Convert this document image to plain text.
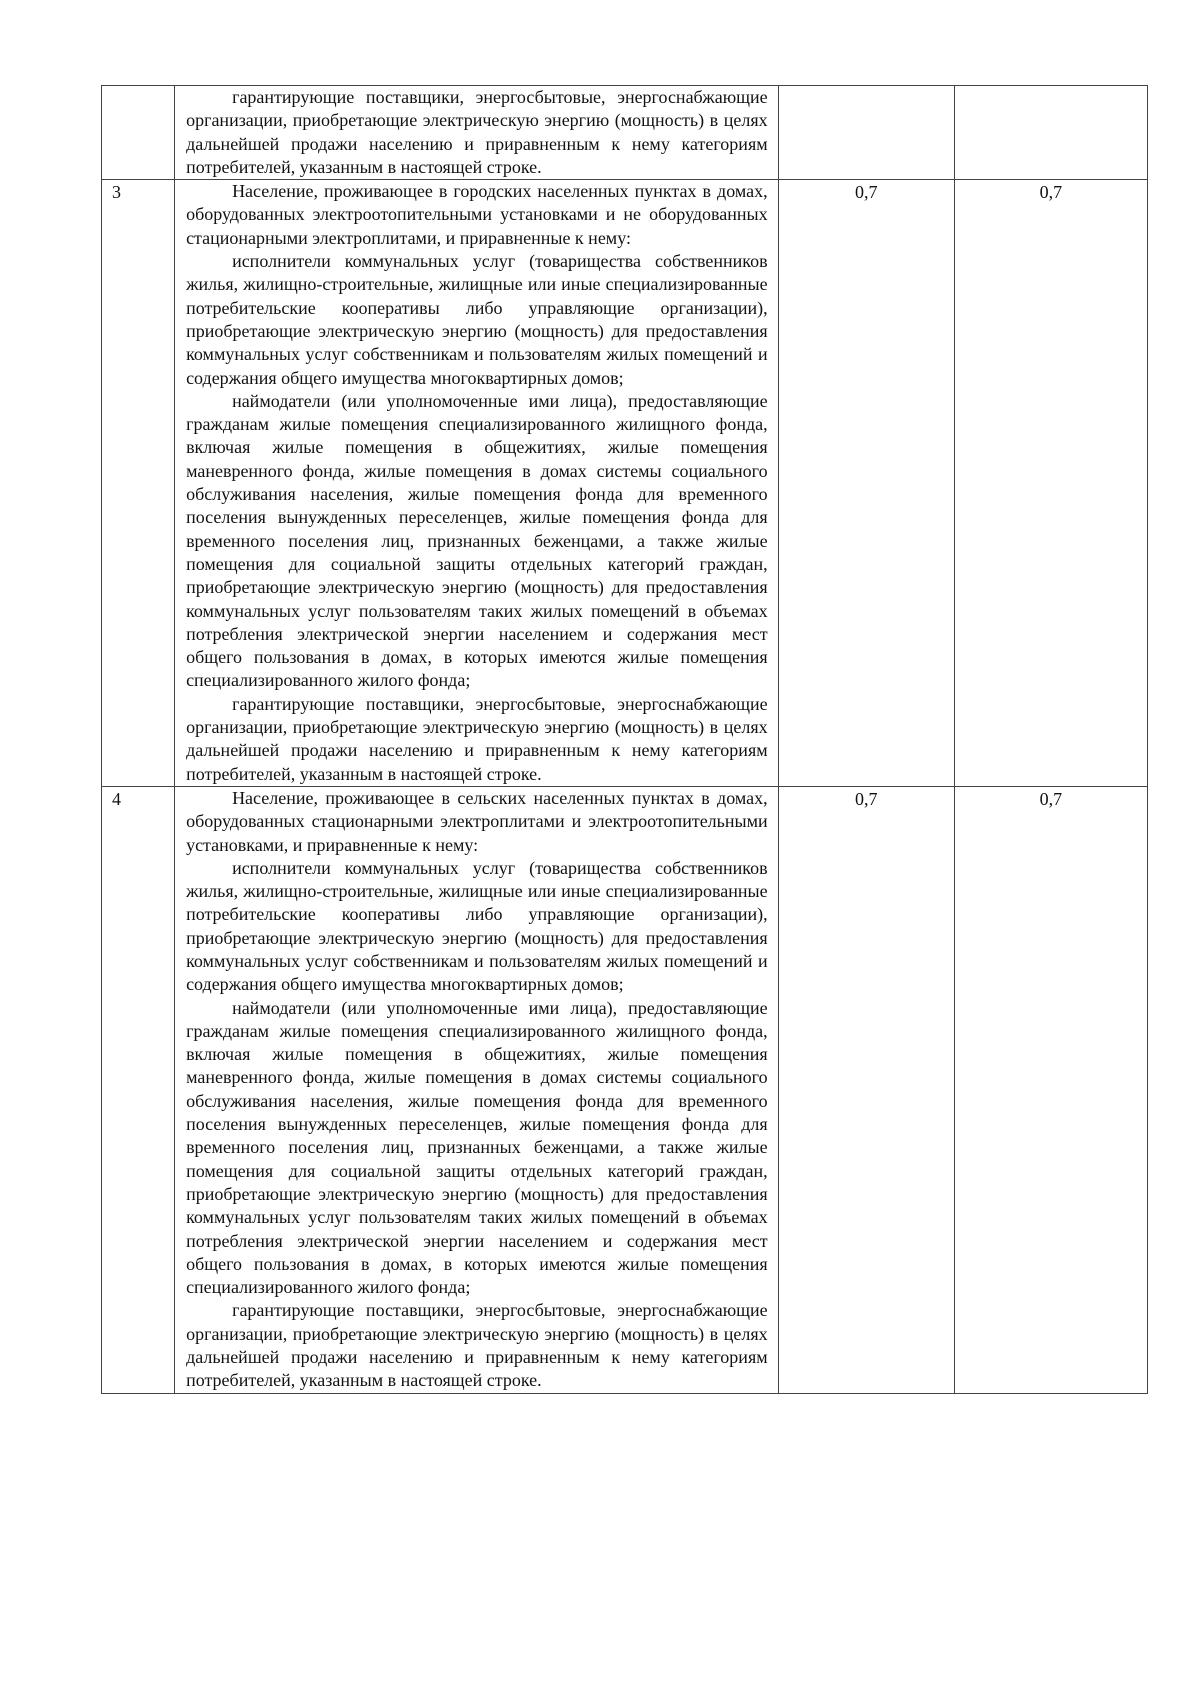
	гарантирующие поставщики, энергосбытовые, энергоснабжающие организации, приобретающие электрическую энергию (мощность) в целях дальнейшей продажи населению и приравненным к нему категориям потребителей, указанным в настоящей строке.		

3	Население, проживающее в городских населенных пунктах в домах, оборудованных электроотопительными установками и не оборудованных стационарными электроплитами, и приравненные к нему:

исполнители коммунальных услуг (товарищества собственников жилья, жилищно-строительные, жилищные или иные специализированные потребительские кооперативы либо управляющие организации), приобретающие электрическую энергию (мощность) для предоставления коммунальных услуг собственникам и пользователям жилых помещений и содержания общего имущества многоквартирных домов;

наймодатели (или уполномоченные ими лица), предоставляющие гражданам жилые помещения специализированного жилищного фонда, включая жилые помещения в общежитиях, жилые помещения маневренного фонда, жилые помещения в домах системы социального обслуживания населения, жилые помещения фонда для временного поселения вынужденных переселенцев, жилые помещения фонда для временного поселения лиц, признанных беженцами, а также жилые помещения для социальной защиты отдельных категорий граждан, приобретающие электрическую энергию (мощность) для предоставления коммунальных услуг пользователям таких жилых помещений в объемах потребления электрической энергии населением и содержания мест общего пользования в домах, в которых имеются жилые помещения специализированного жилого фонда;

гарантирующие поставщики, энергосбытовые, энергоснабжающие организации, приобретающие электрическую энергию (мощность) в целях дальнейшей продажи населению и приравненным к нему категориям потребителей, указанным в настоящей строке.	0,7	0,7

4	Население, проживающее в сельских населенных пунктах в домах, оборудованных стационарными электроплитами и электроотопительными установками, и приравненные к нему:

исполнители коммунальных услуг (товарищества собственников жилья, жилищно-строительные, жилищные или иные специализированные потребительские кооперативы либо управляющие организации), приобретающие электрическую энергию (мощность) для предоставления коммунальных услуг собственникам и пользователям жилых помещений и содержания общего имущества многоквартирных домов;

наймодатели (или уполномоченные ими лица), предоставляющие гражданам жилые помещения специализированного жилищного фонда, включая жилые помещения в общежитиях, жилые помещения маневренного фонда, жилые помещения в домах системы социального обслуживания населения, жилые помещения фонда для временного поселения вынужденных переселенцев, жилые помещения фонда для временного поселения лиц, признанных беженцами, а также жилые помещения для социальной защиты отдельных категорий граждан, приобретающие электрическую энергию (мощность) для предоставления коммунальных услуг пользователям таких жилых помещений в объемах потребления электрической энергии населением и содержания мест общего пользования в домах, в которых имеются жилые помещения специализированного жилого фонда;

гарантирующие поставщики, энергосбытовые, энергоснабжающие организации, приобретающие электрическую энергию (мощность) в целях дальнейшей продажи населению и приравненным к нему категориям потребителей, указанным в настоящей строке.	0,7	0,7
